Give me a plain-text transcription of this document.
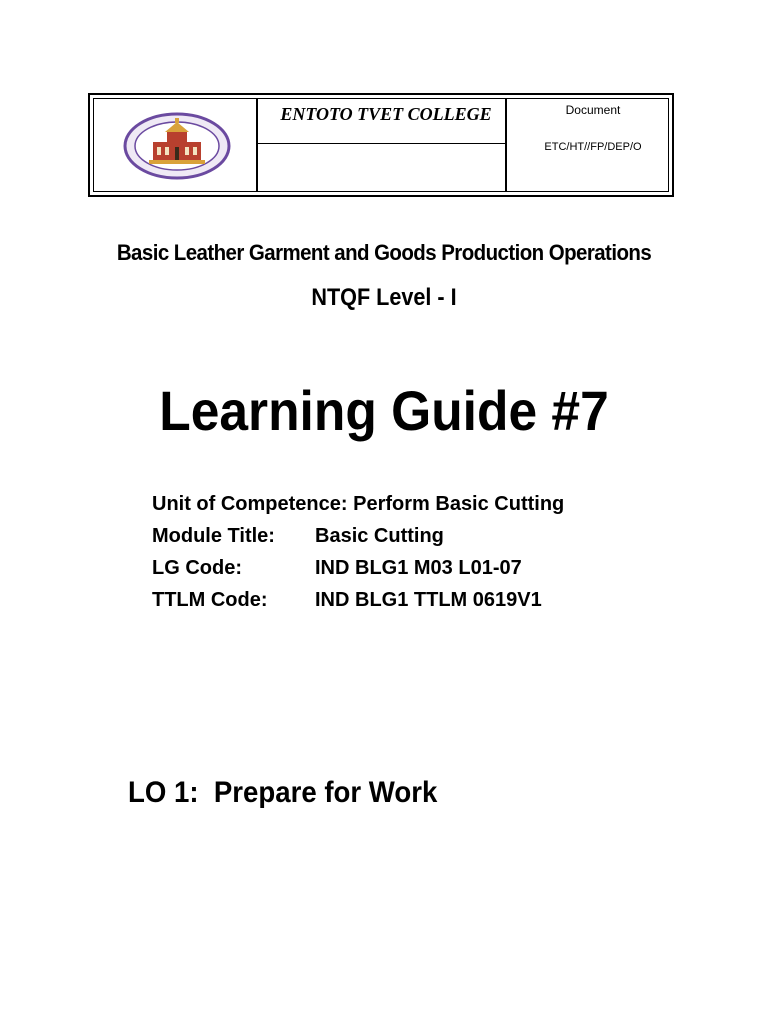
ENTOTO TVET COLLEGE	Document
ETC/HT//FP/DEP/O
Basic Leather Garment and Goods Production Operations
NTQF Level - I
Learning Guide #7
Unit of Competence:
Perform Basic Cutting
Module Title:	Basic Cutting
LG Code:	IND BLG1 M03 L01-07
TTLM Code:	IND BLG1 TTLM 0619V1
LO 1:  Prepare for Work
